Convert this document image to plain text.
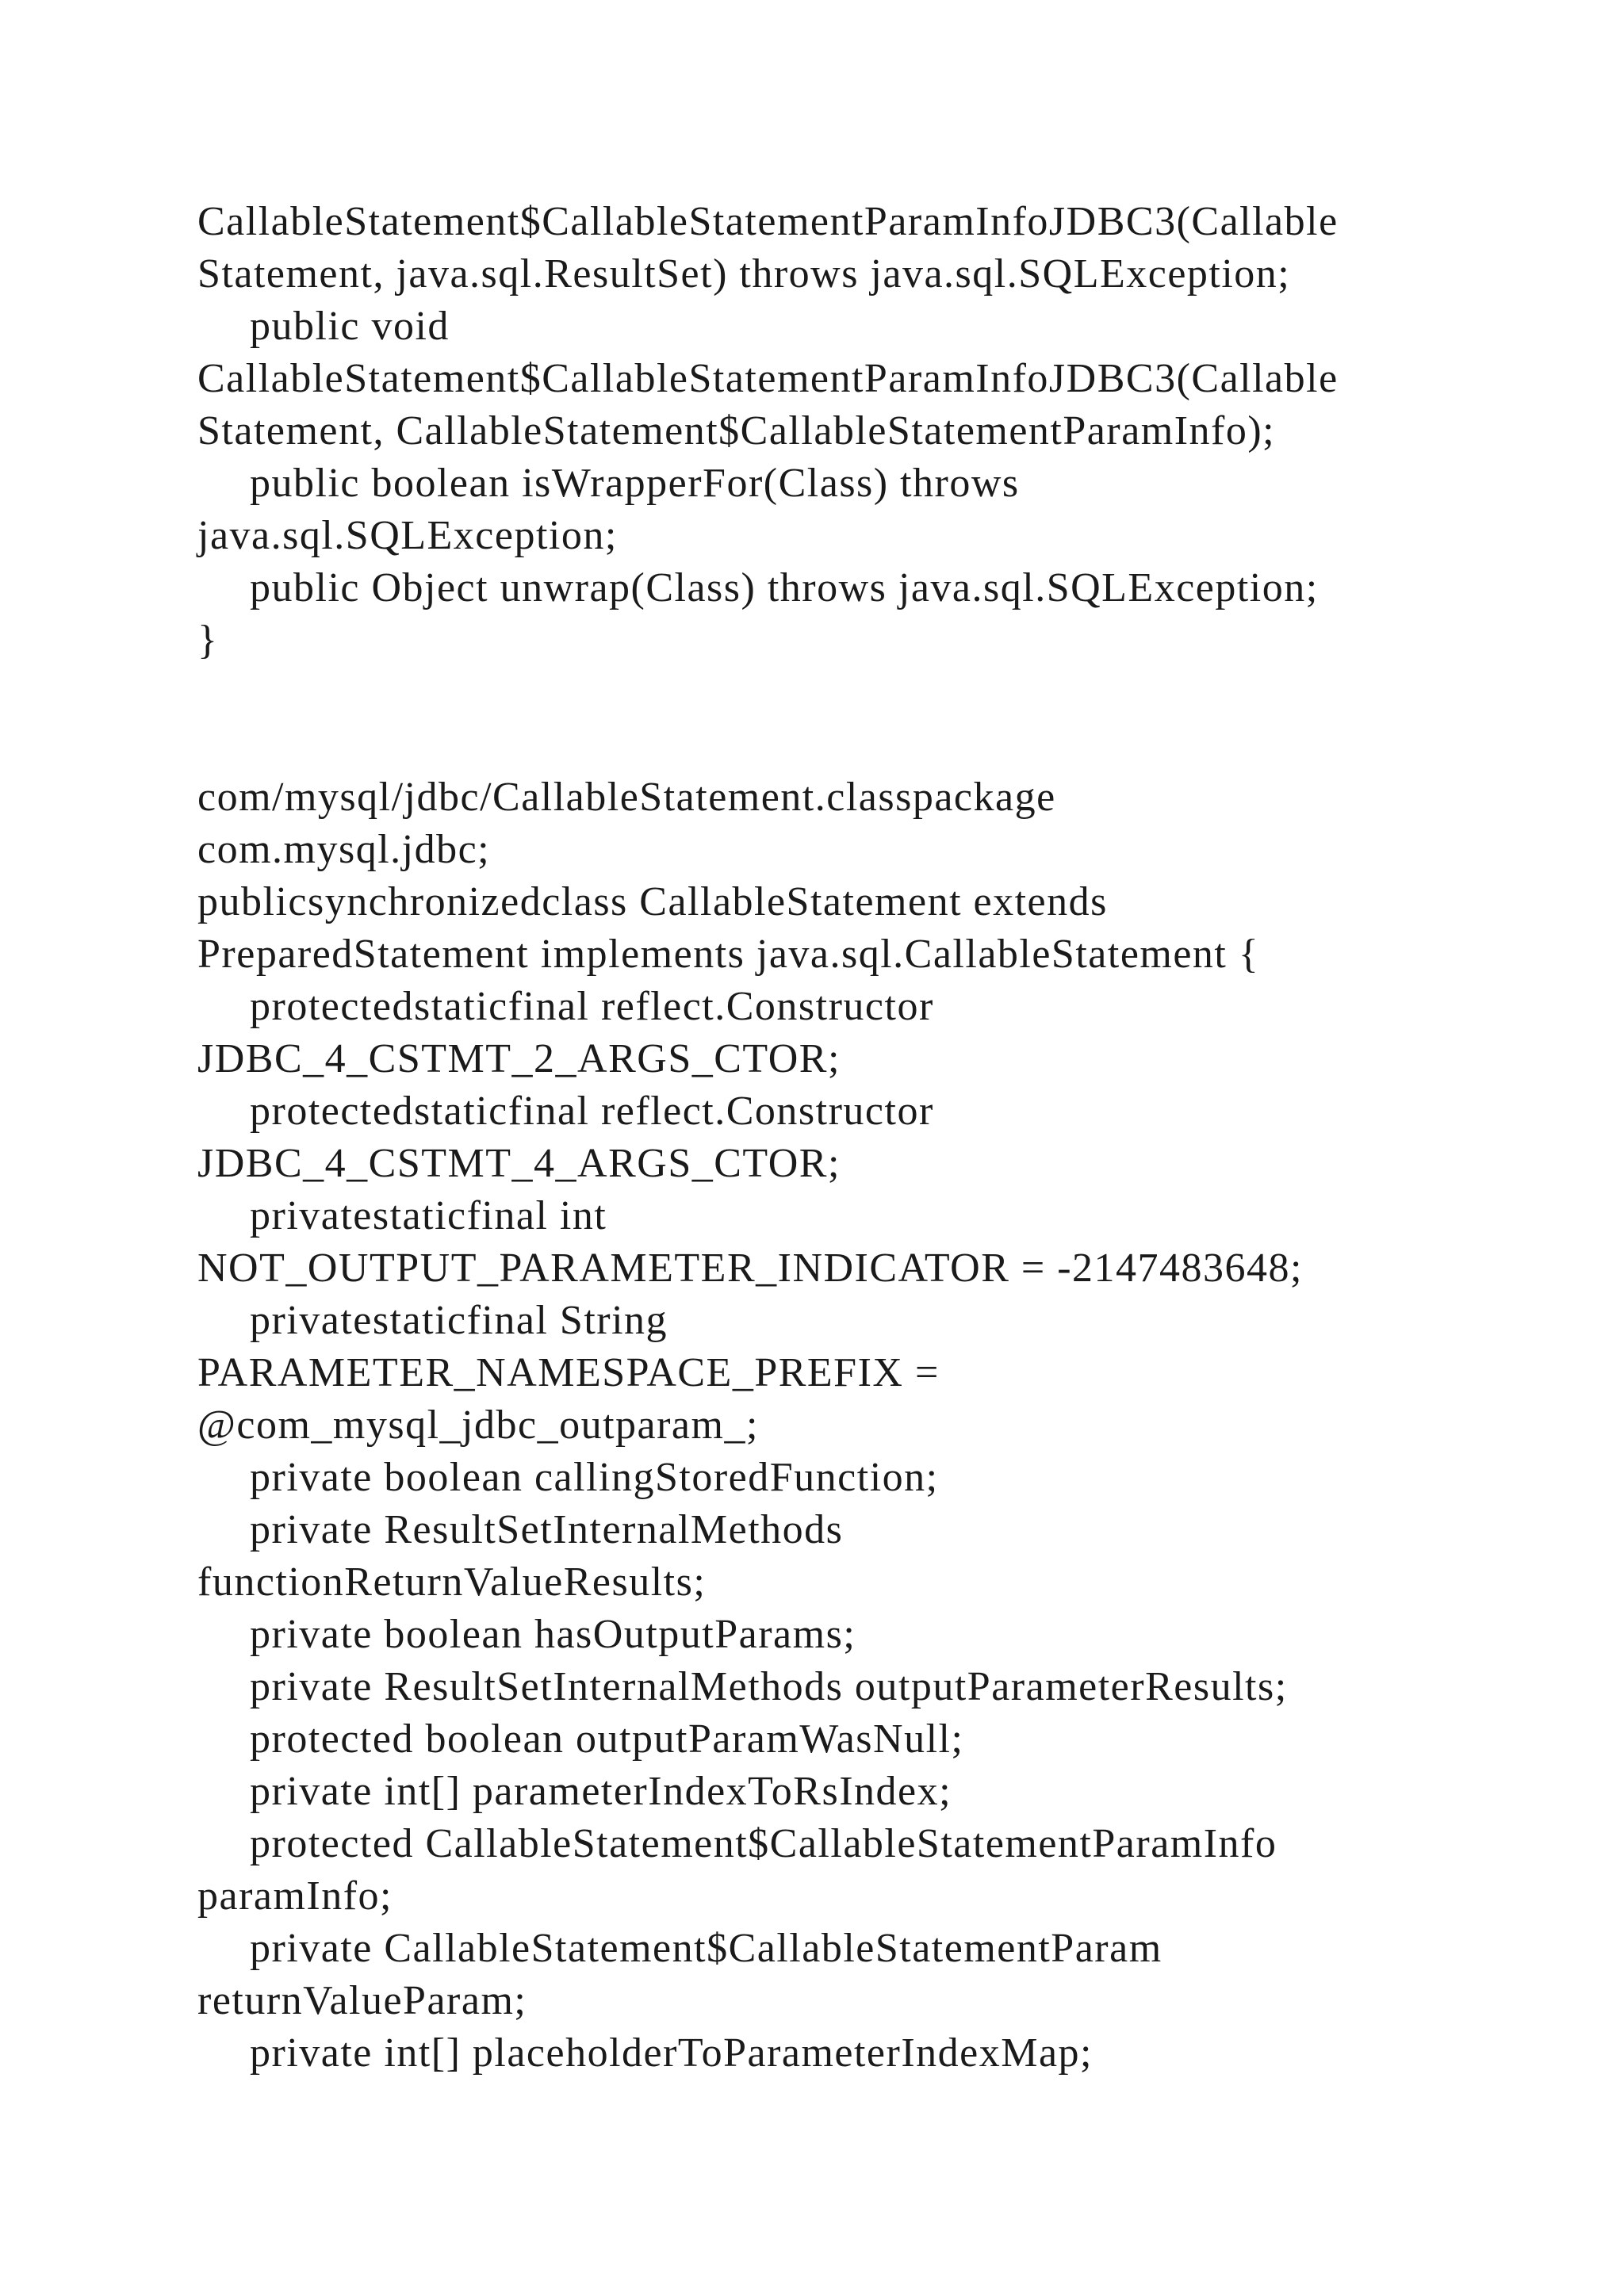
CallableStatement$CallableStatementParamInfoJDBC3(Callable
Statement, java.sql.ResultSet) throws java.sql.SQLException;
public void
CallableStatement$CallableStatementParamInfoJDBC3(Callable
Statement, CallableStatement$CallableStatementParamInfo);
public boolean isWrapperFor(Class) throws
java.sql.SQLException;
public Object unwrap(Class) throws java.sql.SQLException;
}
com/mysql/jdbc/CallableStatement.classpackage
com.mysql.jdbc;
publicsynchronizedclass CallableStatement extends
PreparedStatement implements java.sql.CallableStatement {
protectedstaticfinal reflect.Constructor
JDBC_4_CSTMT_2_ARGS_CTOR;
protectedstaticfinal reflect.Constructor
JDBC_4_CSTMT_4_ARGS_CTOR;
privatestaticfinal int
NOT_OUTPUT_PARAMETER_INDICATOR = -2147483648;
privatestaticfinal String
PARAMETER_NAMESPACE_PREFIX =
@com_mysql_jdbc_outparam_;
private boolean callingStoredFunction;
private ResultSetInternalMethods
functionReturnValueResults;
private boolean hasOutputParams;
private ResultSetInternalMethods outputParameterResults;
protected boolean outputParamWasNull;
private int[] parameterIndexToRsIndex;
protected CallableStatement$CallableStatementParamInfo
paramInfo;
private CallableStatement$CallableStatementParam
returnValueParam;
private int[] placeholderToParameterIndexMap;
